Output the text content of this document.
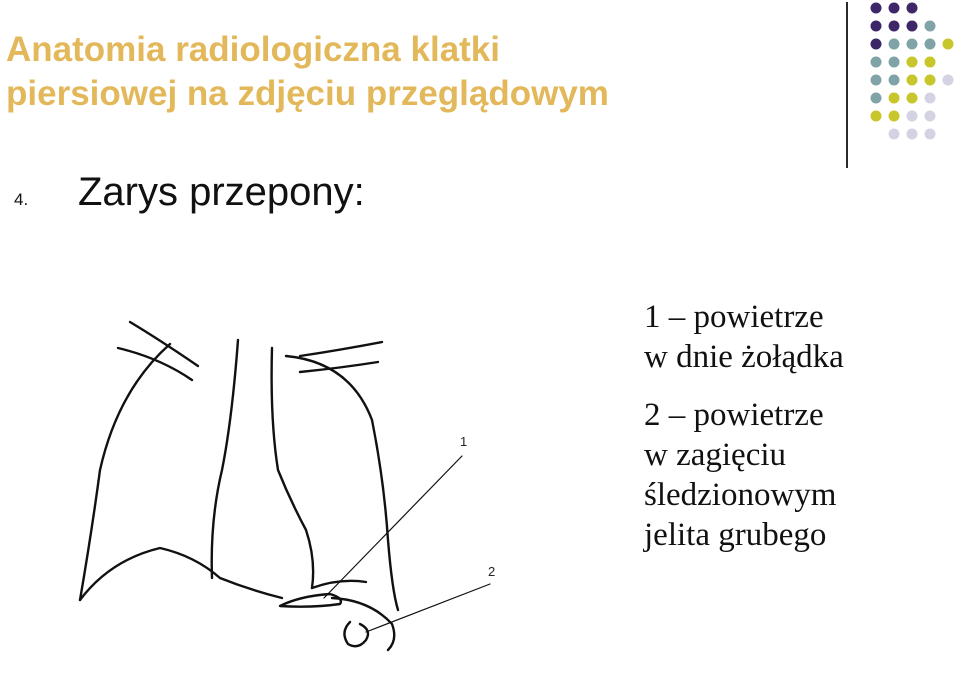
Anatomia radiologiczna klatki
piersiowej na zdjęciu przeglądowym
4. Zarys przepony:
1
2

1 – powietrze

w dnie żołądka

2 – powietrze

w zagięciu

śledzionowym

jelita grubego
